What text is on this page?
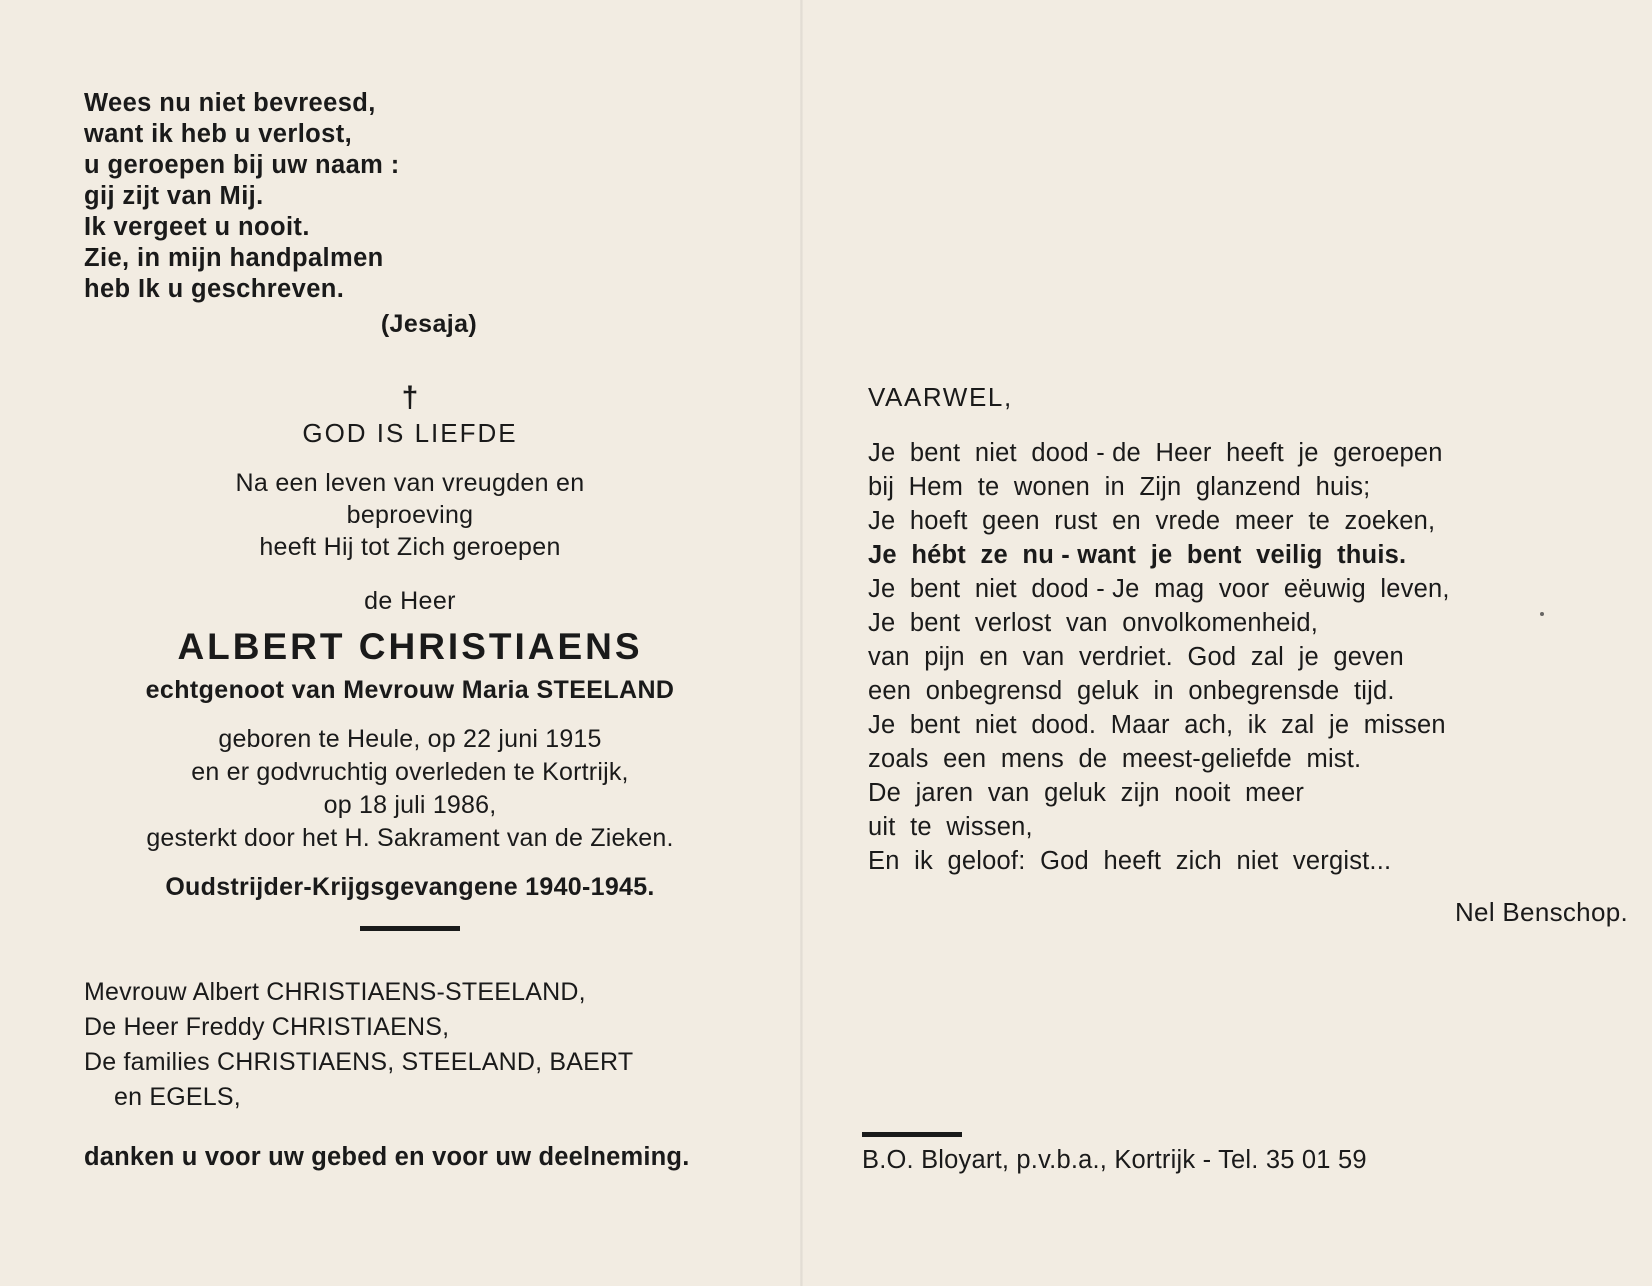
Wees nu niet bevreesd,
want ik heb u verlost,
u geroepen bij uw naam :
gij zijt van Mij.
Ik vergeet u nooit.
Zie, in mijn handpalmen
heb Ik u geschreven.
(Jesaja)
†
GOD IS LIEFDE
Na een leven van vreugden en
beproeving
heeft Hij tot Zich geroepen
de Heer
ALBERT CHRISTIAENS
echtgenoot van Mevrouw Maria STEELAND
geboren te Heule, op 22 juni 1915
en er godvruchtig overleden te Kortrijk,
op 18 juli 1986,
gesterkt door het H. Sakrament van de Zieken.
Oudstrijder-Krijgsgevangene 1940-1945.
Mevrouw Albert CHRISTIAENS-STEELAND,
De Heer Freddy CHRISTIAENS,
De families CHRISTIAENS, STEELAND, BAERT
en EGELS,
danken u voor uw gebed en voor uw deelneming.
VAARWEL,
Je  bent  niet  dood - de  Heer  heeft  je  geroepen
bij  Hem  te  wonen  in  Zijn  glanzend  huis;
Je  hoeft  geen  rust  en  vrede  meer  te  zoeken,
Je  hébt  ze  nu - want  je  bent  veilig  thuis.
Je  bent  niet  dood - Je  mag  voor  eëuwig  leven,
Je  bent  verlost  van  onvolkomenheid,
van  pijn  en  van  verdriet.  God  zal  je  geven
een  onbegrensd  geluk  in  onbegrensde  tijd.
Je  bent  niet  dood.  Maar  ach,  ik  zal  je  missen
zoals  een  mens  de  meest-geliefde  mist.
De  jaren  van  geluk  zijn  nooit  meer
uit  te  wissen,
En  ik  geloof:  God  heeft  zich  niet  vergist...
Nel Benschop.
B.O. Bloyart, p.v.b.a., Kortrijk - Tel. 35 01 59
